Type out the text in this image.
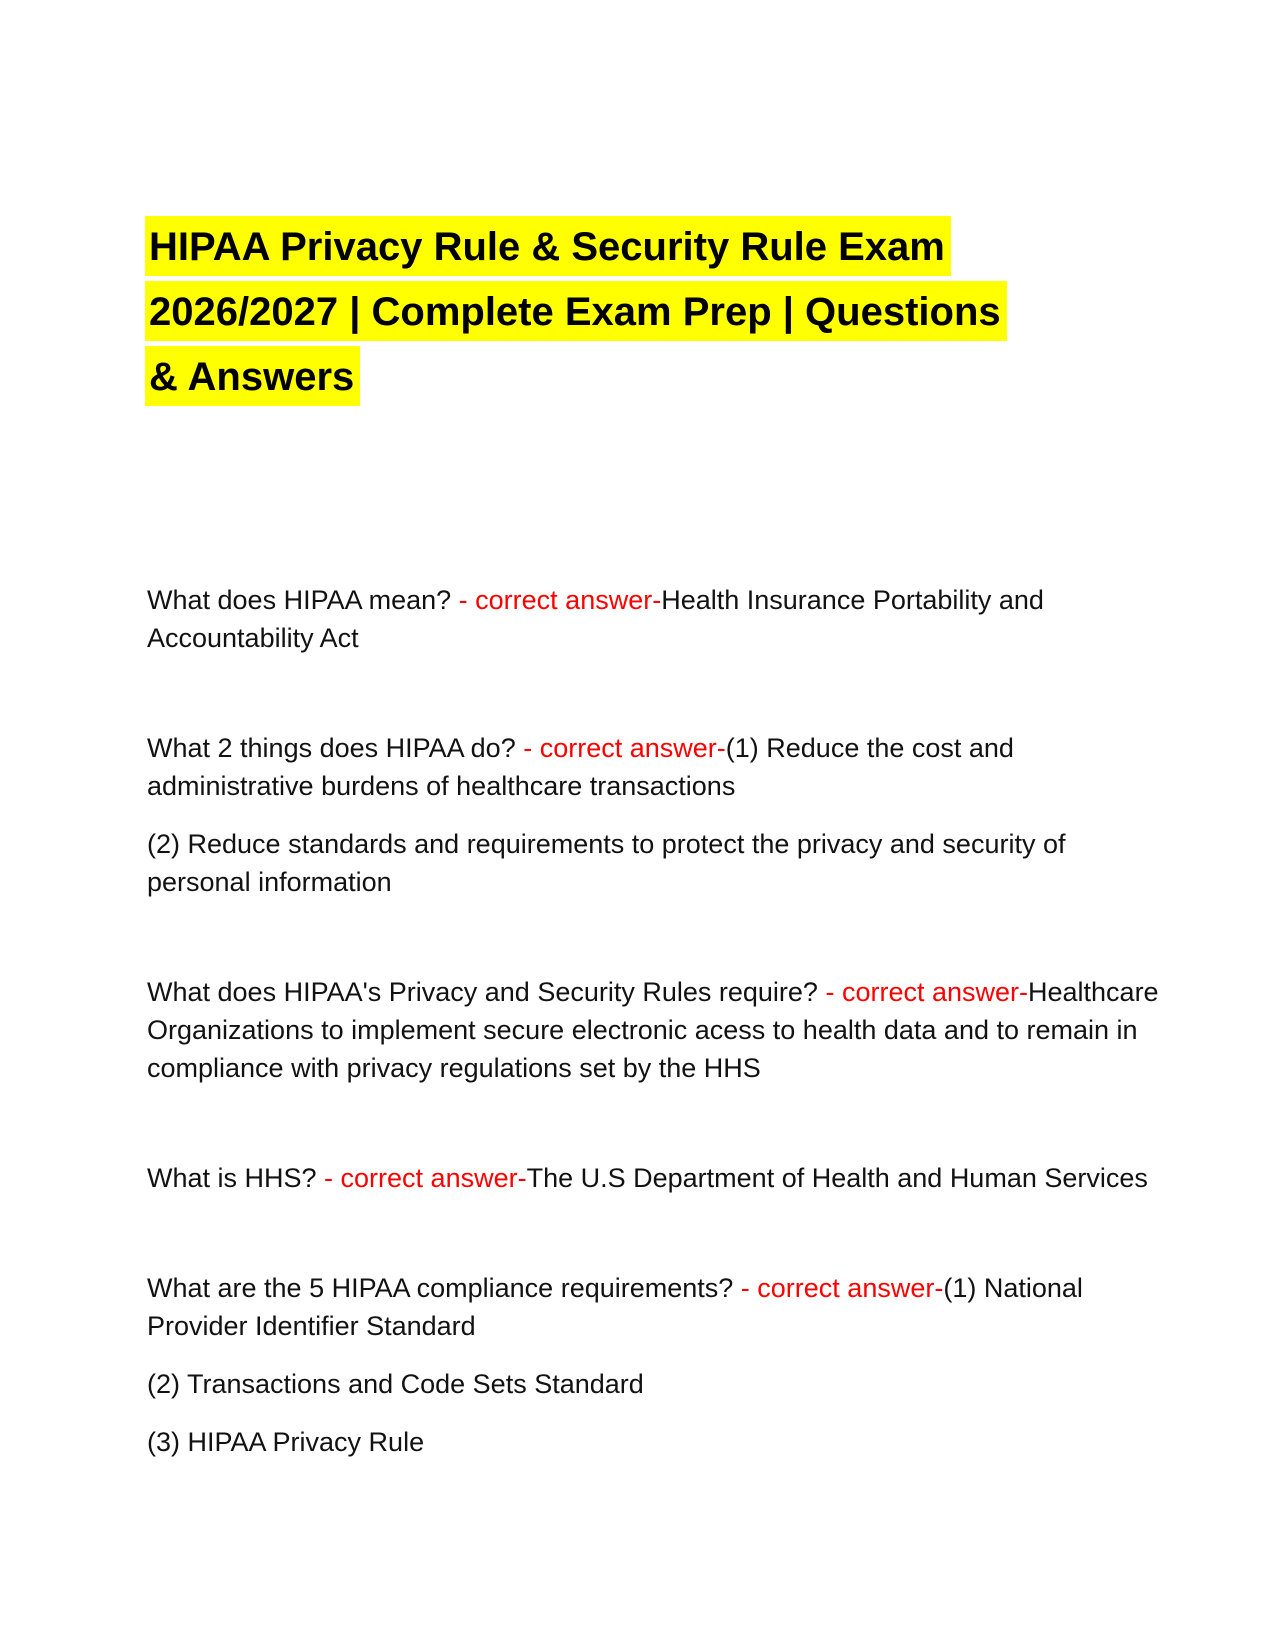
HIPAA Privacy Rule & Security Rule Exam
2026/2027 | Complete Exam Prep | Questions
& Answers

What does HIPAA mean? - correct answer-Health Insurance Portability and Accountability Act

What 2 things does HIPAA do? - correct answer-(1) Reduce the cost and administrative burdens of healthcare transactions

(2) Reduce standards and requirements to protect the privacy and security of personal information

What does HIPAA's Privacy and Security Rules require? - correct answer-Healthcare Organizations to implement secure electronic acess to health data and to remain in compliance with privacy regulations set by the HHS

What is HHS? - correct answer-The U.S Department of Health and Human Services

What are the 5 HIPAA compliance requirements? - correct answer-(1) National Provider Identifier Standard

(2) Transactions and Code Sets Standard

(3) HIPAA Privacy Rule
